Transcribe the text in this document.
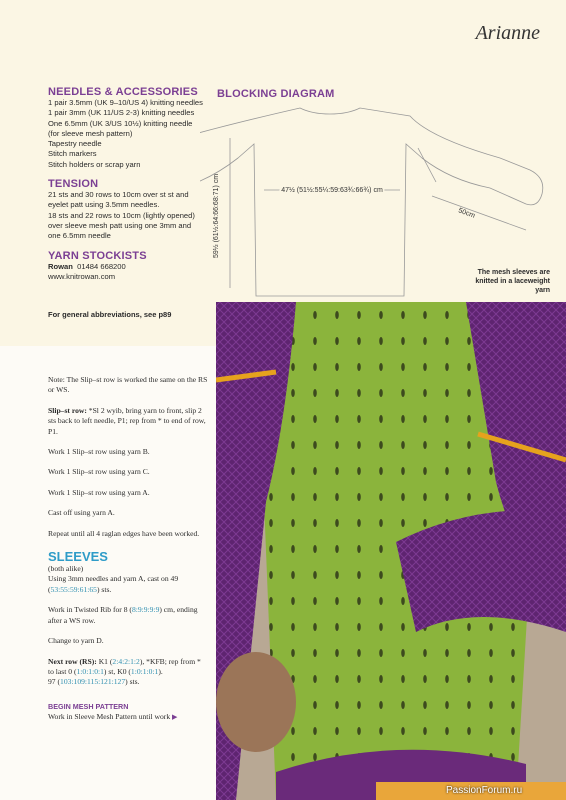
Arianne
NEEDLES & ACCESSORIES
1 pair 3.5mm (UK 9–10/US 4) knitting needles
1 pair 3mm (UK 11/US 2-3) knitting needles
One 6.5mm (UK 3/US 10½) knitting needle
(for sleeve mesh pattern)
Tapestry needle
Stitch markers
Stitch holders or scrap yarn
TENSION
21 sts and 30 rows to 10cm over st st and
eyelet patt using 3.5mm needles.
18 sts and 22 rows to 10cm (lightly opened)
over sleeve mesh patt using one 3mm and
one 6.5mm needle
YARN STOCKISTS
Rowan 01484 668200
www.knitrowan.com
For general abbreviations, see p89
BLOCKING DIAGRAM
47½ (51½:55¼:59:63¾:66¾) cm
59½ (61½:64:66:68:71) cm	50cm
The mesh sleeves are knitted in a laceweight yarn

Note: The Slip–st row is worked the same on the RS or WS.

Slip–st row: *Sl 2 wyib, bring yarn to front, slip 2 sts back to left needle, P1; rep from * to end of row, P1.

Work 1 Slip–st row using yarn B.

Work 1 Slip–st row using yarn C.

Work 1 Slip–st row using yarn A.

Cast off using yarn A.

Repeat until all 4 raglan edges have been worked.

SLEEVES
(both alike)

Using 3mm needles and yarn A, cast on 49 (53:55:59:61:65) sts.

Work in Twisted Rib for 8 (8:9:9:9:9) cm, ending after a WS row.

Change to yarn D.

Next row (RS): K1 (2:4:2:1:2), *KFB; rep from * to last 0 (1:0:1:0:1) st, K0 (1:0:1:0:1).
97 (103:109:115:121:127) sts.

BEGIN MESH PATTERN
Work in Sleeve Mesh Pattern until work ▶
PassionForum.ru
